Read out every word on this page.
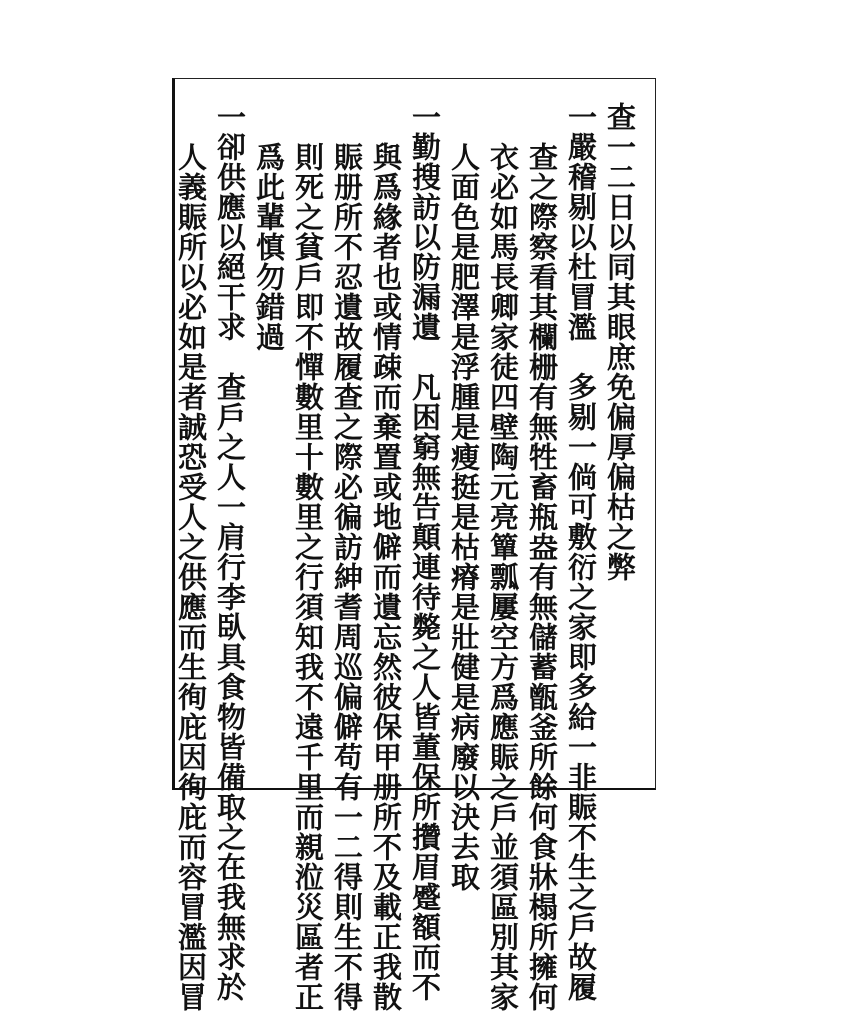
查一二日以同其眼庶免偏厚偏枯之弊
一嚴稽剔以杜冒濫　多剔一倘可敷衍之家即多給一非賑不生之戶故履
查之際察看其欄栅有無牲畜瓶盎有無儲蓄甑釜所餘何食牀榻所擁何
衣必如馬長卿家徒四壁陶元亮簞瓢屢空方爲應賑之戶並須區別其家
人面色是肥澤是浮腫是瘦挺是枯瘠是壯健是病廢以決去取
一勤搜訪以防漏遺　凡困窮無告顛連待斃之人皆董保所攢眉蹙額而不
與爲緣者也或情疎而棄置或地僻而遺忘然彼保甲册所不及載正我散
賑册所不忍遺故履查之際必徧訪紳耆周巡偏僻苟有一二得則生不得
則死之貧戶即不憚數里十數里之行須知我不遠千里而親涖災區者正
爲此輩慎勿錯過
一卻供應以絕干求　查戶之人一肩行李臥具食物皆備取之在我無求於
人義賑所以必如是者誠恐受人之供應而生徇庇因徇庇而容冒濫因冒
